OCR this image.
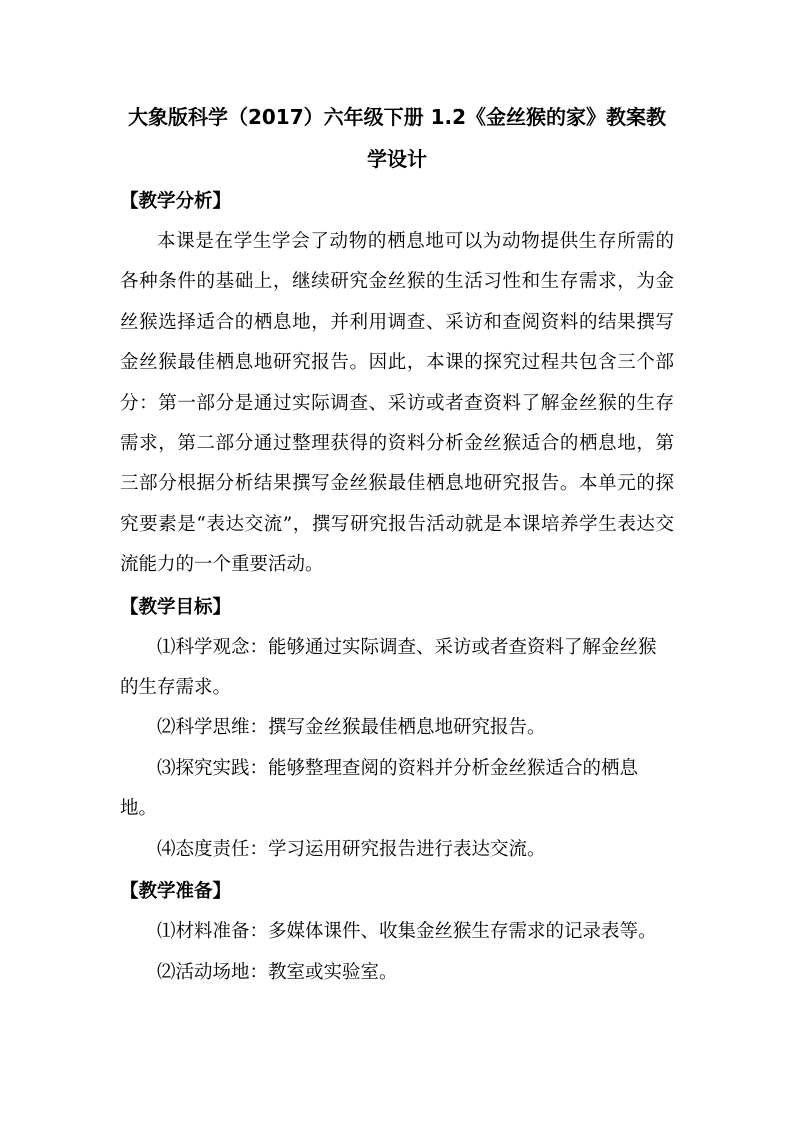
大象版科学（2017）六年级下册 1.2《金丝猴的家》教案教学设计
【教学分析】

本课是在学生学会了动物的栖息地可以为动物提供生存所需的各种条件的基础上，继续研究金丝猴的生活习性和生存需求，为金丝猴选择适合的栖息地，并利用调查、采访和查阅资料的结果撰写金丝猴最佳栖息地研究报告。因此，本课的探究过程共包含三个部分：第一部分是通过实际调查、采访或者查资料了解金丝猴的生存需求，第二部分通过整理获得的资料分析金丝猴适合的栖息地，第三部分根据分析结果撰写金丝猴最佳栖息地研究报告。本单元的探究要素是“表达交流”，撰写研究报告活动就是本课培养学生表达交流能力的一个重要活动。

【教学目标】

⑴科学观念：能够通过实际调查、采访或者查资料了解金丝猴的生存需求。

⑵科学思维：撰写金丝猴最佳栖息地研究报告。

⑶探究实践：能够整理查阅的资料并分析金丝猴适合的栖息地。

⑷态度责任：学习运用研究报告进行表达交流。

【教学准备】

⑴材料准备：多媒体课件、收集金丝猴生存需求的记录表等。

⑵活动场地：教室或实验室。
